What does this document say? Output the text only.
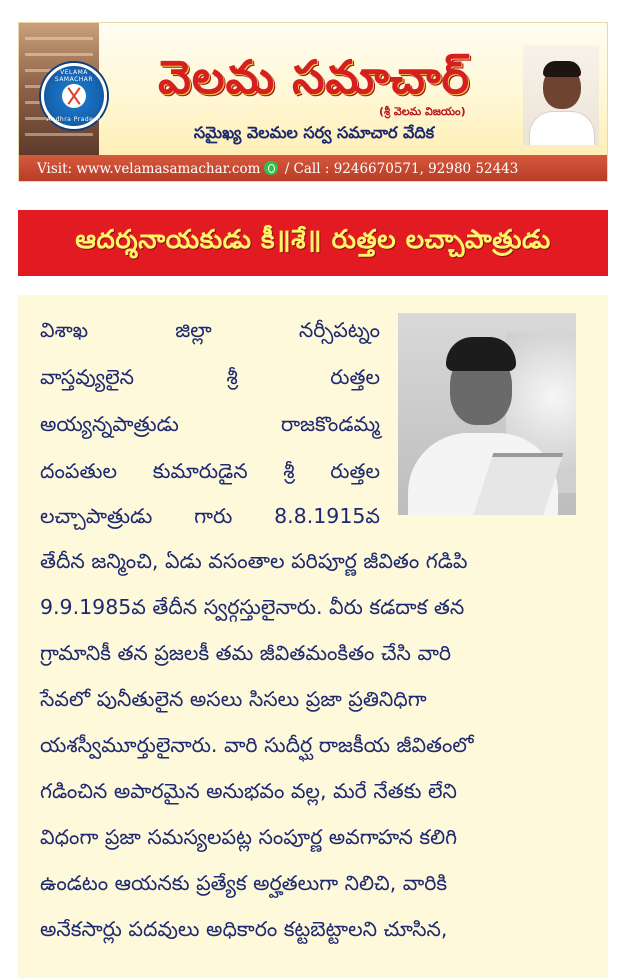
VELAMA SAMACHAR
Andhra Pradesh
వెలమ సమాచార్
(శ్రీ వెలమ విజయం)
సమైఖ్య వెలమల సర్వ సమాచార వేదిక
Visit: www.velamasamachar.com / Call : 9246670571, 92980 52443
ఆదర్శనాయకుడు కీ॥శే॥ రుత్తల లచ్చాపాత్రుడు
విశాఖ	జిల్లా	నర్సీపట్నం
వాస్తవ్యులైన	శ్రీ	రుత్తల
అయ్యన్నపాత్రుడు	రాజకొండమ్మ
దంపతుల కుమారుడైన శ్రీ రుత్తల
లచ్చాపాత్రుడు గారు 8.8.1915వ
తేదీన జన్మించి, ఏడు వసంతాల పరిపూర్ణ జీవితం గడిపి
9.9.1985వ తేదీన స్వర్గస్తులైనారు. వీరు కడదాక తన
గ్రామానికీ తన ప్రజలకీ తమ జీవితమంకితం చేసి వారి
సేవలో పునీతులైన అసలు సిసలు ప్రజా ప్రతినిధిగా
యశస్వీమూర్తులైనారు. వారి సుదీర్ఘ రాజకీయ జీవితంలో
గడించిన అపారమైన అనుభవం వల్ల, మరే నేతకు లేని
విధంగా ప్రజా సమస్యలపట్ల సంపూర్ణ అవగాహన కలిగి
ఉండటం ఆయనకు ప్రత్యేక అర్హతలుగా నిలిచి, వారికి
అనేకసార్లు పదవులు అధికారం కట్టబెట్టాలని చూసిన,
